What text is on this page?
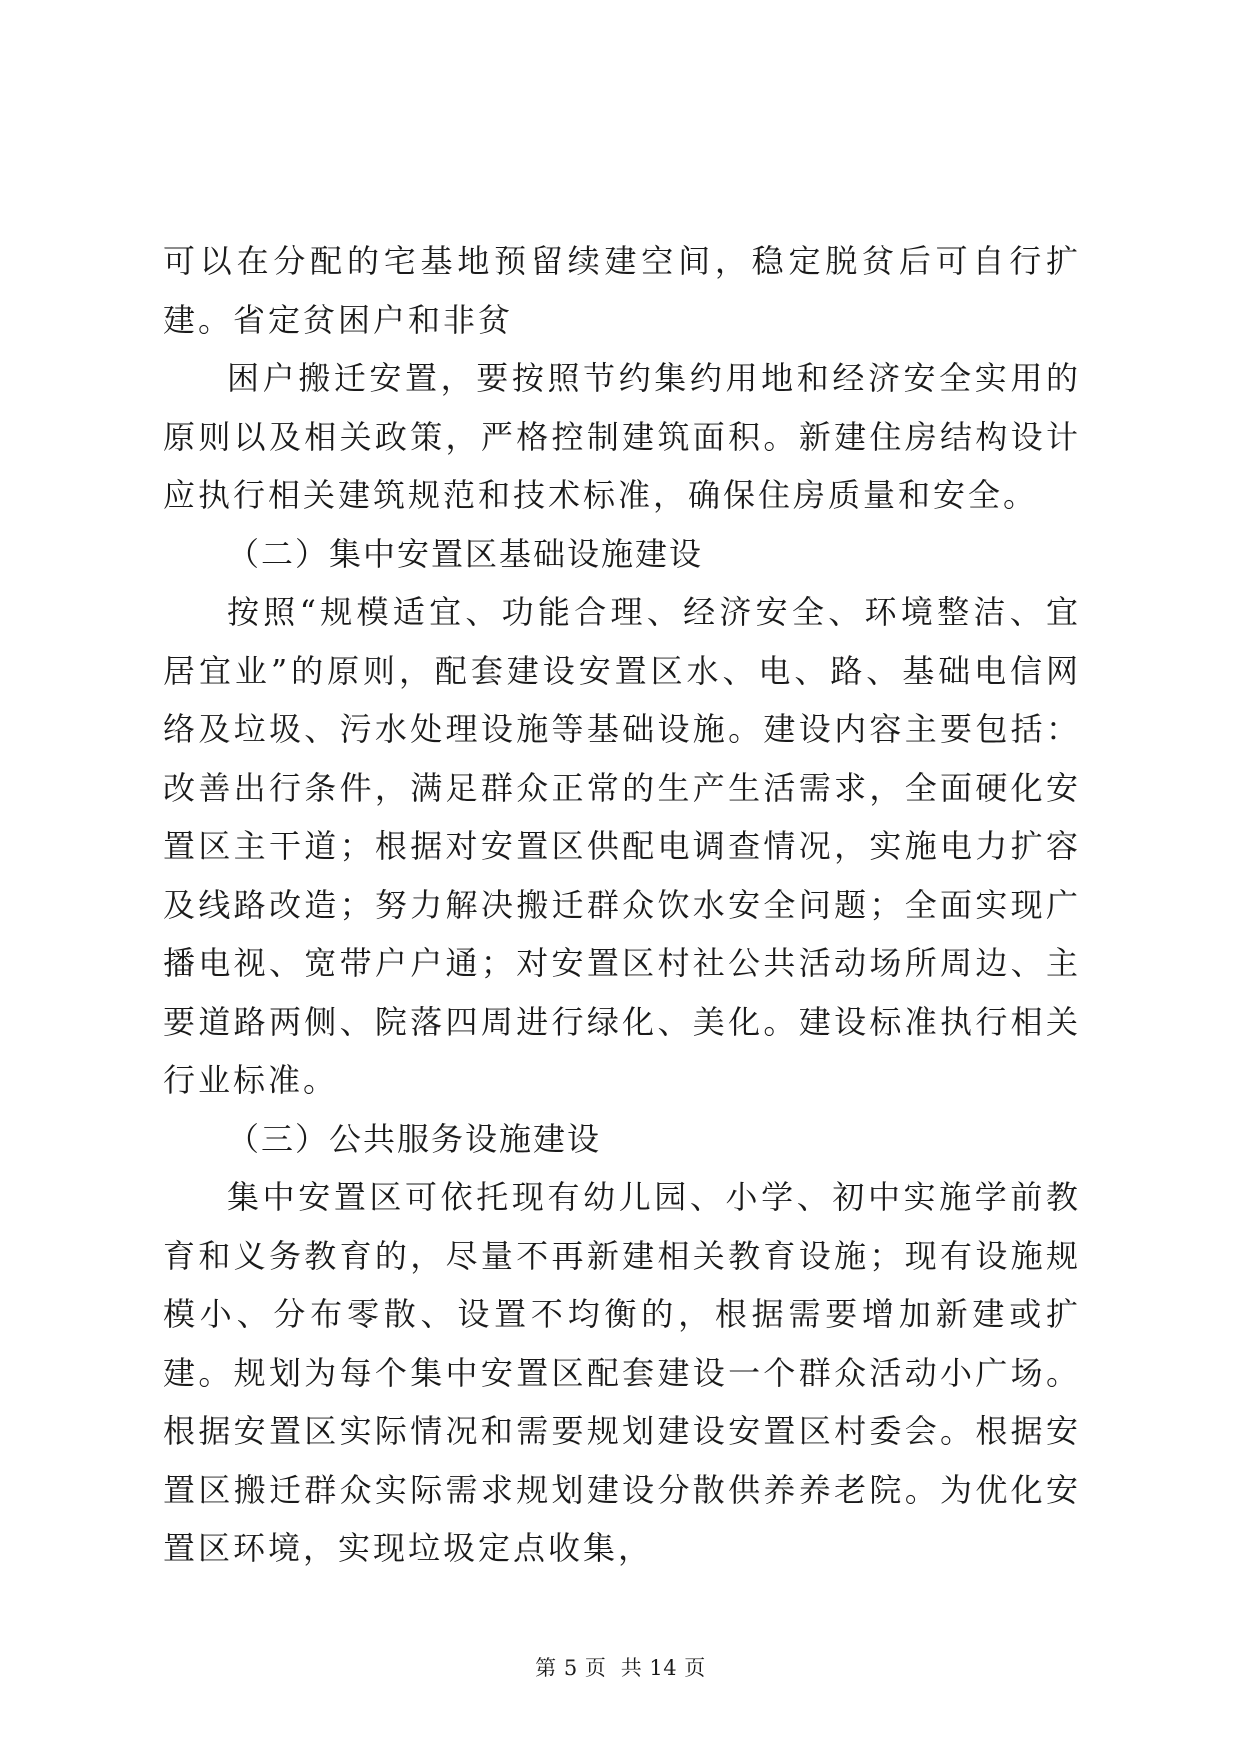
可以在分配的宅基地预留续建空间，稳定脱贫后可自行扩建。省定贫困户和非贫

困户搬迁安置，要按照节约集约用地和经济安全实用的原则以及相关政策，严格控制建筑面积。新建住房结构设计应执行相关建筑规范和技术标准，确保住房质量和安全。

（二）集中安置区基础设施建设

按照“规模适宜、功能合理、经济安全、环境整洁、宜居宜业”的原则，配套建设安置区水、电、路、基础电信网络及垃圾、污水处理设施等基础设施。建设内容主要包括：改善出行条件，满足群众正常的生产生活需求，全面硬化安置区主干道；根据对安置区供配电调查情况，实施电力扩容及线路改造；努力解决搬迁群众饮水安全问题；全面实现广播电视、宽带户户通；对安置区村社公共活动场所周边、主要道路两侧、院落四周进行绿化、美化。建设标准执行相关行业标准。

（三）公共服务设施建设

集中安置区可依托现有幼儿园、小学、初中实施学前教育和义务教育的，尽量不再新建相关教育设施；现有设施规模小、分布零散、设置不均衡的，根据需要增加新建或扩建。规划为每个集中安置区配套建设一个群众活动小广场。根据安置区实际情况和需要规划建设安置区村委会。根据安置区搬迁群众实际需求规划建设分散供养养老院。为优化安置区环境，实现垃圾定点收集，

第 5 页  共 14 页
